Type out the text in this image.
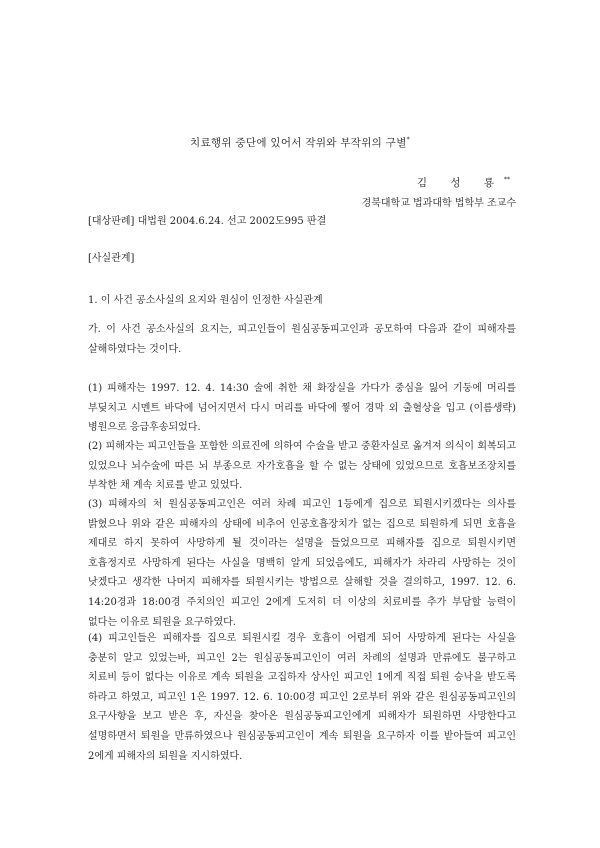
치료행위 중단에 있어서 작위와 부작위의 구별*
김 성 룡**
경북대학교 법과대학 법학부 조교수
[대상판례] 대법원 2004.6.24. 선고 2002도995 판결
[사실관계]
1. 이 사건 공소사실의 요지와 원심이 인정한 사실관계
가. 이 사건 공소사실의 요지는, 피고인들이 원심공동피고인과 공모하여 다음과 같이 피해자를 살해하였다는 것이다.
(1) 피해자는 1997. 12. 4. 14:30 술에 취한 채 화장실을 가다가 중심을 잃어 기둥에 머리를 부딪치고 시멘트 바닥에 넘어지면서 다시 머리를 바닥에 찧어 경막 외 출혈상을 입고 (이름생략)병원으로 응급후송되었다.
(2) 피해자는 피고인들을 포함한 의료진에 의하여 수술을 받고 중환자실로 옮겨져 의식이 회복되고 있었으나 뇌수술에 따른 뇌 부종으로 자가호흡을 할 수 없는 상태에 있었으므로 호흡보조장치를 부착한 채 계속 치료를 받고 있었다.
(3) 피해자의 처 원심공동피고인은 여러 차례 피고인 1등에게 집으로 퇴원시키겠다는 의사를 밝혔으나 위와 같은 피해자의 상태에 비추어 인공호흡장치가 없는 집으로 퇴원하게 되면 호흡을 제대로 하지 못하여 사망하게 될 것이라는 설명을 들었으므로 피해자를 집으로 퇴원시키면 호흡정지로 사망하게 된다는 사실을 명백히 알게 되었음에도, 피해자가 차라리 사망하는 것이 낫겠다고 생각한 나머지 피해자를 퇴원시키는 방법으로 살해할 것을 결의하고, 1997. 12. 6. 14:20경과 18:00경 주치의인 피고인 2에게 도저히 더 이상의 치료비를 추가 부담할 능력이 없다는 이유로 퇴원을 요구하였다.
(4) 피고인들은 피해자를 집으로 퇴원시킬 경우 호흡이 어렵게 되어 사망하게 된다는 사실을 충분히 알고 있었는바, 피고인 2는 원심공동피고인이 여러 차례의 설명과 만류에도 불구하고 치료비 등이 없다는 이유로 계속 퇴원을 고집하자 상사인 피고인 1에게 직접 퇴원 승낙을 받도록 하라고 하였고, 피고인 1은 1997. 12. 6. 10:00경 피고인 2로부터 위와 같은 원심공동피고인의 요구사항을 보고 받은 후, 자신을 찾아온 원심공동피고인에게 피해자가 퇴원하면 사망한다고 설명하면서 퇴원을 만류하였으나 원심공동피고인이 계속 퇴원을 요구하자 이를 받아들여 피고인 2에게 피해자의 퇴원을 지시하였다.
